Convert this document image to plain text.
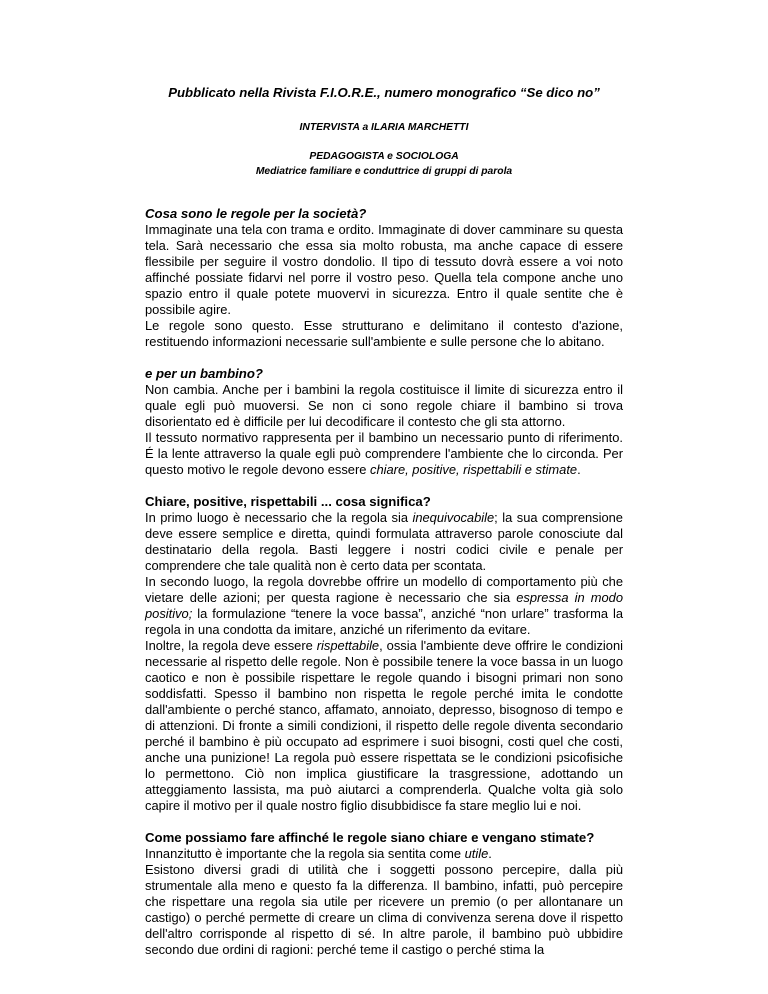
Pubblicato nella Rivista F.I.O.R.E., numero monografico “Se dico no”
INTERVISTA a ILARIA MARCHETTI
PEDAGOGISTA e SOCIOLOGA
Mediatrice familiare e conduttrice di gruppi di parola

Cosa sono le regole per la società?

Immaginate una tela con trama e ordito. Immaginate di dover camminare su questa tela. Sarà necessario che essa sia molto robusta, ma anche capace di essere flessibile per seguire il vostro dondolio. Il tipo di tessuto dovrà essere a voi noto affinché possiate fidarvi nel porre il vostro peso. Quella tela compone anche uno spazio entro il quale potete muovervi in sicurezza. Entro il quale sentite che è possibile agire.

Le regole sono questo. Esse strutturano e delimitano il contesto d'azione, restituendo informazioni necessarie sull'ambiente e sulle persone che lo abitano.

e per un bambino?

Non cambia. Anche per i bambini la regola costituisce il limite di sicurezza entro il quale egli può muoversi. Se non ci sono regole chiare il bambino si trova disorientato ed è difficile per lui decodificare il contesto che gli sta attorno.

Il tessuto normativo rappresenta per il bambino un necessario punto di riferimento. É la lente attraverso la quale egli può comprendere l'ambiente che lo circonda. Per questo motivo le regole devono essere chiare, positive, rispettabili e stimate.

Chiare, positive, rispettabili ... cosa significa?

In primo luogo è necessario che la regola sia inequivocabile; la sua comprensione deve essere semplice e diretta, quindi formulata attraverso parole conosciute dal destinatario della regola. Basti leggere i nostri codici civile e penale per comprendere che tale qualità non è certo data per scontata.

In secondo luogo, la regola dovrebbe offrire un modello di comportamento più che vietare delle azioni; per questa ragione è necessario che sia espressa in modo positivo; la formulazione “tenere la voce bassa”, anziché “non urlare” trasforma la regola in una condotta da imitare, anziché un riferimento da evitare.

Inoltre, la regola deve essere rispettabile, ossia l'ambiente deve offrire le condizioni necessarie al rispetto delle regole. Non è possibile tenere la voce bassa in un luogo caotico e non è possibile rispettare le regole quando i bisogni primari non sono soddisfatti. Spesso il bambino non rispetta le regole perché imita le condotte dall'ambiente o perché stanco, affamato, annoiato, depresso, bisognoso di tempo e di attenzioni. Di fronte a simili condizioni, il rispetto delle regole diventa secondario perché il bambino è più occupato ad esprimere i suoi bisogni, costi quel che costi, anche una punizione! La regola può essere rispettata se le condizioni psicofisiche lo permettono. Ciò non implica giustificare la trasgressione, adottando un atteggiamento lassista, ma può aiutarci a comprenderla. Qualche volta già solo capire il motivo per il quale nostro figlio disubbidisce fa stare meglio lui e noi.

Come possiamo fare affinché le regole siano chiare e vengano stimate?

Innanzitutto è importante che la regola sia sentita come utile.

Esistono diversi gradi di utilità che i soggetti possono percepire, dalla più strumentale alla meno e questo fa la differenza. Il bambino, infatti, può percepire che rispettare una regola sia utile per ricevere un premio (o per allontanare un castigo) o perché permette di creare un clima di convivenza serena dove il rispetto dell'altro corrisponde al rispetto di sé. In altre parole, il bambino può ubbidire secondo due ordini di ragioni: perché teme il castigo o perché stima la
